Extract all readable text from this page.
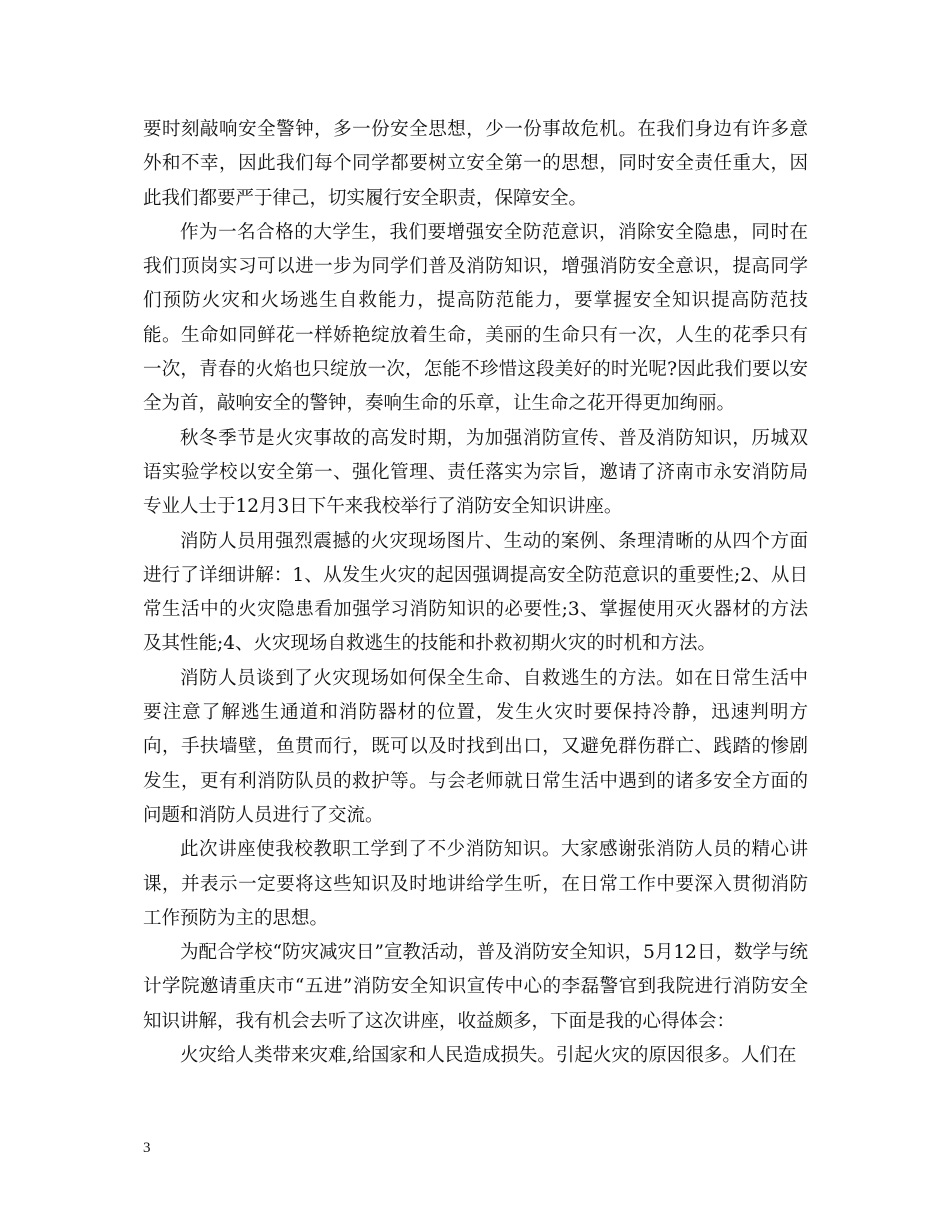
要时刻敲响安全警钟，多一份安全思想，少一份事故危机。在我们身边有许多意外和不幸，因此我们每个同学都要树立安全第一的思想，同时安全责任重大，因此我们都要严于律己，切实履行安全职责，保障安全。

作为一名合格的大学生，我们要增强安全防范意识，消除安全隐患，同时在我们顶岗实习可以进一步为同学们普及消防知识，增强消防安全意识，提高同学们预防火灾和火场逃生自救能力，提高防范能力，要掌握安全知识提高防范技能。生命如同鲜花一样娇艳绽放着生命，美丽的生命只有一次，人生的花季只有一次，青春的火焰也只绽放一次，怎能不珍惜这段美好的时光呢?因此我们要以安全为首，敲响安全的警钟，奏响生命的乐章，让生命之花开得更加绚丽。

秋冬季节是火灾事故的高发时期，为加强消防宣传、普及消防知识，历城双语实验学校以安全第一、强化管理、责任落实为宗旨，邀请了济南市永安消防局专业人士于12月3日下午来我校举行了消防安全知识讲座。

消防人员用强烈震撼的火灾现场图片、生动的案例、条理清晰的从四个方面进行了详细讲解：1、从发生火灾的起因强调提高安全防范意识的重要性;2、从日常生活中的火灾隐患看加强学习消防知识的必要性;3、掌握使用灭火器材的方法及其性能;4、火灾现场自救逃生的技能和扑救初期火灾的时机和方法。

消防人员谈到了火灾现场如何保全生命、自救逃生的方法。如在日常生活中要注意了解逃生通道和消防器材的位置，发生火灾时要保持冷静，迅速判明方向，手扶墙壁，鱼贯而行，既可以及时找到出口，又避免群伤群亡、践踏的惨剧发生，更有利消防队员的救护等。与会老师就日常生活中遇到的诸多安全方面的问题和消防人员进行了交流。

此次讲座使我校教职工学到了不少消防知识。大家感谢张消防人员的精心讲课，并表示一定要将这些知识及时地讲给学生听，在日常工作中要深入贯彻消防工作预防为主的思想。

为配合学校“防灾减灾日”宣教活动，普及消防安全知识，5月12日，数学与统计学院邀请重庆市“五进”消防安全知识宣传中心的李磊警官到我院进行消防安全知识讲解，我有机会去听了这次讲座，收益颇多，下面是我的心得体会：

火灾给人类带来灾难,给国家和人民造成损失。引起火灾的原因很多。人们在

3
